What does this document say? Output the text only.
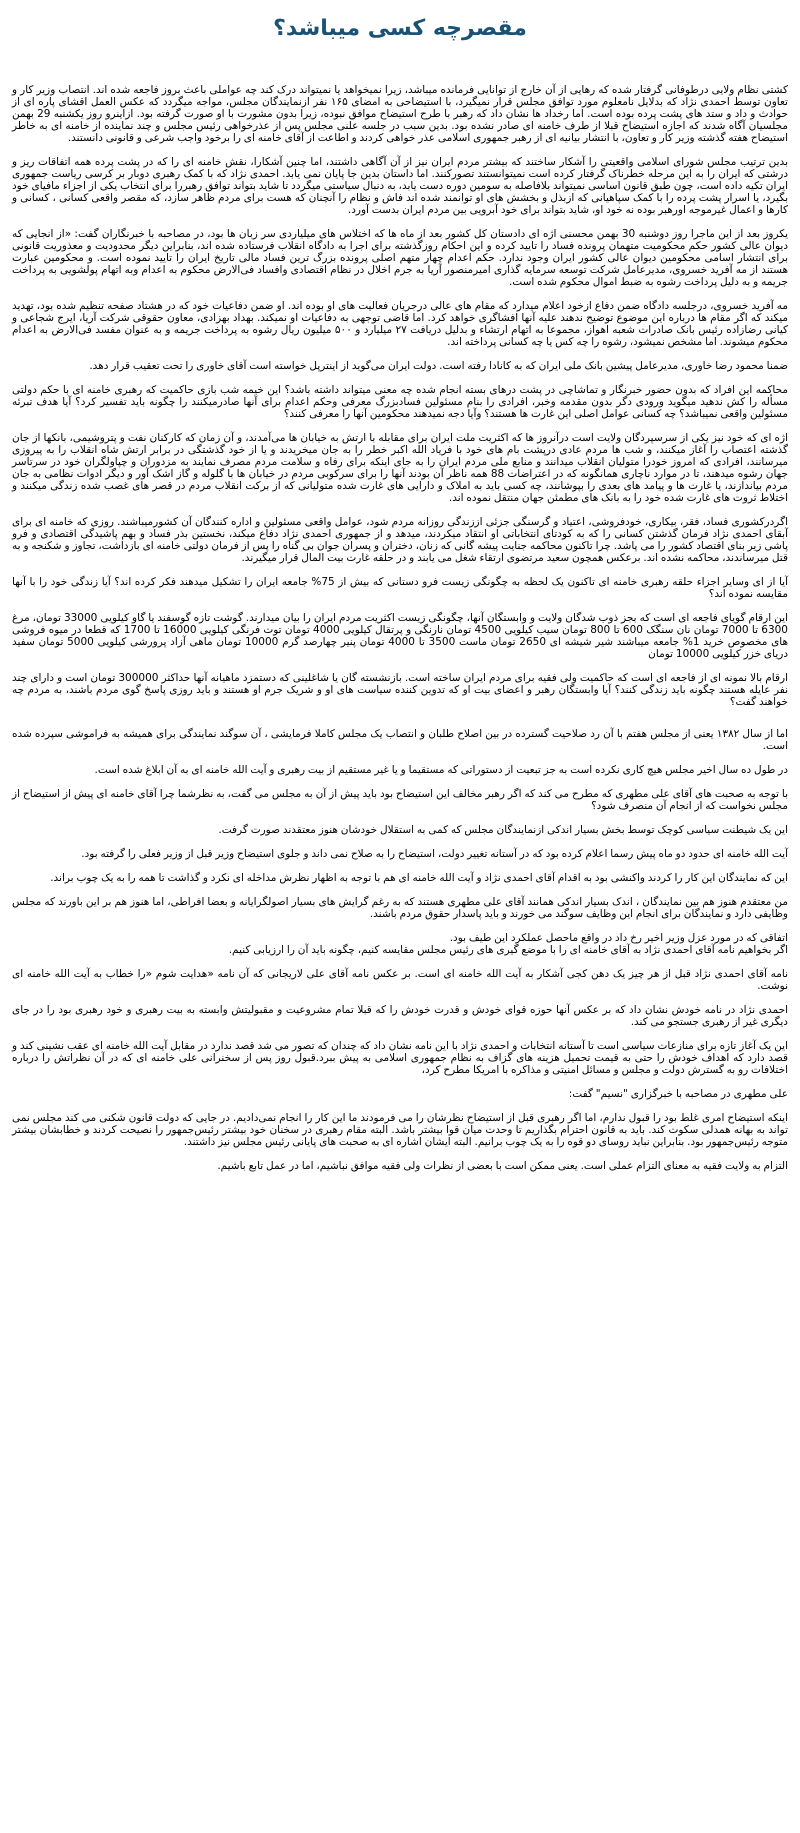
مقصرچه کسی میباشد؟

کشتی نظام ولایی درطوفانی گرفتار شده که رهایی از آن خارج از توانایی فرمانده میباشد، زیرا نمیخواهد یا نمیتواند درک کند چه عواملی باعث بروز فاجعه شده اند. انتصاب وزیر کار و تعاون توسط احمدی نژاد که بدلایل نامعلوم مورد توافق مجلس قرار نمیگیرد، با استیضاحی به امضای ۱۶۵ نفر ازنمایندگان مجلس، مواجه میگردد که عکس العمل اقشای پاره ای از حوادث و داد و ستد های پشت پرده بوده است. اما رخداد ها نشان داد که رهبر با طرح استیضاح موافق نبوده، زیرا بدون مشورت با او صورت گرفته بود. ازاینرو روز یکشنبه 29 بهمن مجلسیان آگاه شدند که اجازه استیضاح قبلا از طرف خامنه ای صادر نشده بود. بدین سبب در جلسه علنی مجلس پس از عذرخواهی رئیس مجلس و چند نماینده از خامنه ای به خاطر استیضاح هفته گذشته وزیر کار و تعاون، با انتشار بیانیه ای از رهبر جمهوری اسلامی عذر خواهی کردند و اطاعت از آقای خامنه ای را برخود واجب شرعی و قانونی دانستند.

بدین ترتیب مجلس شورای اسلامی واقعیتی را آشکار ساختند که بیشتر مردم ایران نیز از آن آگاهی داشتند، اما چنین آشکارا، نقش خامنه ای را که در پشت پرده همه اتفاقات ریز و درشتی که ایران را به این مرحله خطرناک گرفتار کرده است نمیتوانستند تصورکنند. اما داستان بدین جا پایان نمی یابد. احمدی نژاد که با کمک رهبری دوبار بر کرسی ریاست جمهوری ایران تکیه داده است، چون طبق قانون اساسی نمیتواند بلافاصله به سومین دوره دست یابد، به دنبال سیاستی میگردد تا شاید بتواند توافق رهبررا برای انتخاب یکی از اجزاء مافیای خود بگیرد، یا اسرار پشت پرده را با کمک سپاهیانی که ازبذل و بخشش های او توانمند شده اند فاش و نظام را آنچنان که هست برای مردم ظاهر سازد، که مقصر واقعی کسانی ، کسانی و کارها و اعمال غیرموجه اورهبر بوده نه خود او، شاید بتواند برای خود آبرویی بین مردم ایران بدست آورد.

یکروز بعد از این ماجرا روز دوشنبه 30 بهمن محسنی اژه ای دادستان کل کشور بعد از ماه ها که اختلاس های میلیاردی سر زبان ها بود، در مصاحبه با خبرنگاران گفت: «از انجایی که دیوان عالی کشور حکم محکومیت متهمان پرونده فساد را تایید کرده و این احکام روزگذشته برای اجرا به دادگاه انقلاب فرستاده شده اند، بنابراین دیگر محدودیت و معذوریت قانونی برای انتشار اسامی محکومین دیوان عالی کشور ایران وجود ندارد. حکم اعدام چهار متهم اصلی پرونده بزرگ ترین فساد مالی تاریخ ایران را تایید نموده است. و محکومین عبارت هستند از مه آفرید خسروی، مدیرعامل شرکت توسعه سرمایه گذاری امیرمنصور آریا به جرم اخلال در نظام اقتصادی وافساد فی‌الارض محکوم به اعدام وبه اتهام پولشویی به پرداخت جریمه و به دلیل پرداخت رشوه به ضبط اموال محکوم شده است.

مه آفرید خسروی، درجلسه دادگاه ضمن دفاع ازخود اعلام میدارد که مقام های عالی درجریان فعالیت های او بوده اند. او ضمن دفاعیات خود که در هشتاد صفحه تنظیم شده بود، تهدید میکند که اگر مقام ها درباره این موضوع توضیح ندهند علیه آنها افشاگری خواهد کرد. اما قاضی توجهی به دفاعیات او نمیکند. بهداد بهزادی، معاون حقوقی شرکت آریا، ایرج شجاعی و کیانی رضازاده رئیس بانک صادرات شعبه اهواز، مجموعا به اتهام ارتشاء و بدلیل دریافت ۲۷ میلیارد و ۵۰۰ میلیون ریال رشوه به پرداخت جریمه و به عنوان مفسد فی‌الارض به اعدام محکوم میشوند. اما مشخص نمیشود، رشوه را چه کس یا چه کسانی پرداخته اند.

ضمنا محمود رضا خاوری، مدیرعامل پیشین بانک ملی ایران که به کانادا رفته است. دولت ایران می‌گوید از اینترپل خواسته است آقای خاوری را تحت تعقیب قرار دهد.

محاکمه این افراد که بدون حضور خبرنگار و تماشاچی در پشت درهای بسته انجام شده چه معنی میتواند داشته باشد؟ این خیمه شب بازی حاکمیت که رهبری خامنه ای با حکم دولتی مسأله را کش ندهید میگوید ورودی دگر بدون مقدمه وخبر، افرادی را بنام مسئولین فسادبزرگ معرفی وحکم اعدام برای آنها صادرمیکنند را چگونه باید تفسیر کرد؟ آیا هدف تبرئه مسئولین واقعی نمیباشد؟ چه کسانی عوامل اصلی این غارت ها هستند؟ وآیا دجه نمیدهند محکومین آنها را معرفی کنند؟

اژه ای که خود نیز یکی از سرسپردگان ولایت است درآنروز ها که اکثریت ملت ایران برای مقابله با ارتش به خیابان ها می‌آمدند، و آن زمان که کارکنان نفت و پتروشیمی، بانکها از جان گذشته اعتصاب را آغاز میکنند، و شب ها مردم عادی درپشت بام های خود با فریاد الله اکبر خطر را به جان میخریدند و یا از خود گذشتگی در برابر ارتش شاه انقلاب را به پیروزی میرسانند، افرادی که امروز خودرا متولیان انقلاب میدانند و منابع ملی مردم ایران را به جای اینکه برای رفاه و سلامت مردم مصرف نمایند به مزدوران و چپاولگران خود در سرتاسر جهان رشوه میدهند، تا در موارد ناچاری همانگونه که در اعتراضات 88 همه ناظر آن بودند آنها را برای سرکوبی مردم در خیابان ها با گلوله و گاز اشک آور و دیگر ادوات نظامی به جان مردم بیاندازند، یا غارت ها و پیامد های بعدی را بپوشانند، چه کسی باید به املاک و دارایی های غارت شده متولیانی که از برکت انقلاب مردم در قصر های غصب شده زندگی میکنند و اختلاط ثروت های غارت شده خود را به بانک های مطمئن جهان منتقل نموده اند.

اگردرکشوری فساد، فقر، بیکاری، خودفروشی، اعتیاد و گرسنگی جزئی اززندگی روزانه مردم شود، عوامل واقعی مسئولین و اداره کنندگان آن کشورمیباشند. روزی که خامنه ای برای آبقای احمدی نژاد فرمان گذشتن کسانی را که به کودتای انتخاباتی او انتقاد میکردند، میدهد و از جمهوری احمدی نژاد دفاع میکند، نخستین بذر فساد و بهم پاشیدگی اقتصادی و فرو پاشی زیر بنای اقتصاد کشور را می پاشد. چرا تاکنون محاکمه جنایت پیشه گانی که زنان، دختران و پسران جوان بی گناه را پس از فرمان دولتی خامنه ای بازداشت، تجاوز و شکنجه و به قتل میرساندند، محاکمه نشده اند. برعکس همچون سعید مرتضوی ارتقاء شغل می یابند و در حلقه غارت بیت المال قرار میگیرند.

آیا از ای وسایر اجزاء حلقه رهبری خامنه ای تاکنون یک لحظه به چگونگی زیست فرو دستانی که بیش از 75% جامعه ایران را تشکیل میدهند فکر کرده اند؟ آیا زندگی خود را با آنها مقایسه نموده اند؟

این ارقام گویای فاجعه ای است که بجز ذوب شدگان ولایت و وابستگان آنها، چگونگی زیست اکثریت مردم ایران را بیان میدارند. گوشت تازه گوسفند یا گاو کیلویی 33000 تومان، مرغ 6300 تا 7000 تومان نان سنگک 600 تا 800 تومان سیب کیلویی 4500 تومان نارنگی و پرتقال کیلویی 4000 تومان توت فرنگی کیلویی 16000 تا 1700 که قطعا در میوه فروشی های مخصوص خرید 1% جامعه میباشند شیر شیشه ای 2650 تومان ماست 3500 تا 4000 تومان پنیر چهارصد گرم 10000 تومان ماهی آزاد پرورشی کیلویی 5000 تومان سفید دریای خزر کیلویی 10000 تومان

ارقام بالا نمونه ای از فاجعه ای است که حاکمیت ولی فقیه برای مردم ایران ساخته است. بازنشسته گان یا شاغلینی که دستمزد ماهیانه آنها حداکثر 300000 تومان است و دارای چند نفر عایله هستند چگونه باید زندگی کنند؟ آیا وابستگان رهبر و اعضای بیت او که تدوین کننده سیاست های او و شریک جرم او هستند و باید روزی پاسخ گوی مردم باشند، به مردم چه خواهند گفت؟

اما از سال ۱۳۸۲ یعنی از مجلس هفتم با آن رد صلاحیت گسترده در بین اصلاح طلبان و انتصاب یک مجلس کاملا فرمایشی ، آن سوگند نمایندگی برای همیشه به فراموشی سپرده شده است.

در طول ده سال اخیر مجلس هیچ کاری نکرده است به جز تبعیت از دستوراتی که مستقیما و یا غیر مستقیم از بیت رهبری و آیت الله خامنه ای به آن ابلاغ شده است.

با توجه به صحبت های آقای علی مطهری که مطرح می کند که اگر رهبر مخالف این استیضاح بود باید پیش از آن به مجلس می گفت، به نظرشما چرا آقای خامنه ای پیش از استیضاح از مجلس نخواست که از انجام آن منصرف شود؟

این یک شیطنت سیاسی کوچک توسط بخش بسیار اندکی ازنمایندگان مجلس که کمی به استقلال خودشان هنوز معتقدند صورت گرفت.

آیت الله خامنه ای حدود دو ماه پیش رسما اعلام کرده بود که در آستانه تغییر دولت، استیضاح را به صلاح نمی داند و جلوی استیضاح وزیر قبل از وزیر فعلی را گرفته بود.

این که نمایندگان این کار را کردند واکنشی بود به اقدام آقای احمدی نژاد و آیت الله خامنه ای هم با توجه به اظهار نظرش مداخله ای نکرد و گذاشت تا همه را به یک چوب براند.

من معتقدم هنوز هم بین نمایندگان ، اندک بسیار اندکی همانند آقای علی مطهری هستند که به رغم گرایش های بسیار اصولگرایانه و بعضا افراطی، اما هنوز هم بر این باورند که مجلس وظایفی دارد و نمایندگان برای انجام این وظایف سوگند می خورند و باید پاسدار حقوق مردم باشند.

اتفاقی که در مورد عزل وزیر اخیر رخ داد در واقع ماحصل عملکرد این طیف بود.
اگر بخواهیم نامه آقای احمدی نژاد به آقای خامنه ای را با موضع گیری های رئیس مجلس مقایسه کنیم، چگونه باید آن را ارزیابی کنیم.

نامه آقای احمدی نژاد قبل از هر چیز یک دهن کجی آشکار به آیت الله خامنه ای است. بر عکس نامه آقای علی لاریجانی که آن نامه «هدایت شوم «را خطاب به آیت الله خامنه ای نوشت.

احمدی نژاد در نامه خودش نشان داد که بر عکس آنها حوزه قوای خودش و قدرت خودش را که قبلا تمام مشروعیت و مقبولیتش وابسته به بیت رهبری و خود رهبری بود را در جای دیگری غیر از رهبری جستجو می کند.

این یک آغاز تازه برای منازعات سیاسی است تا آستانه انتخابات و احمدی نژاد با این نامه نشان داد که چندان که تصور می شد قصد ندارد در مقابل آیت الله خامنه ای عقب نشینی کند و قصد دارد که اهداف خودش را حتی به قیمت تحمیل هزینه های گزاف به نظام جمهوری اسلامی به پیش ببرد.قبول روز پس از سخنرانی علی خامنه ای که در آن نظراتش را درباره اختلافات رو به گسترش دولت و مجلس و مسائل امنیتی و مذاکره با امریکا مطرح کرد،

علی مطهری در مصاحبه با خبرگزاری "نسیم" گفت:

اینکه استیضاح امری غلط بود را قبول ندارم، اما اگر رهبری قبل از استیضاح نظرشان را می فرمودند ما این کار را انجام نمی‌دادیم. در جایی که دولت قانون شکنی می کند مجلس نمی تواند به بهانه همدلی سکوت کند. باید به قانون احترام بگذاریم تا وحدت میان قوا بیشتر باشد. البته مقام رهبری در سخنان خود بیشتر رئیس‌جمهور را نصیحت کردند و خطابشان بیشتر متوجه رئیس‌جمهور بود. بنابراین نباید روسای دو قوه را به یک چوب برانیم. البته ایشان اشاره ای به صحبت های پایانی رئیس مجلس نیز داشتند.

التزام به ولایت فقیه به معنای التزام عملی است. یعنی ممکن است با بعضی از نظرات ولی فقیه موافق نباشیم، اما در عمل تابع باشیم.
